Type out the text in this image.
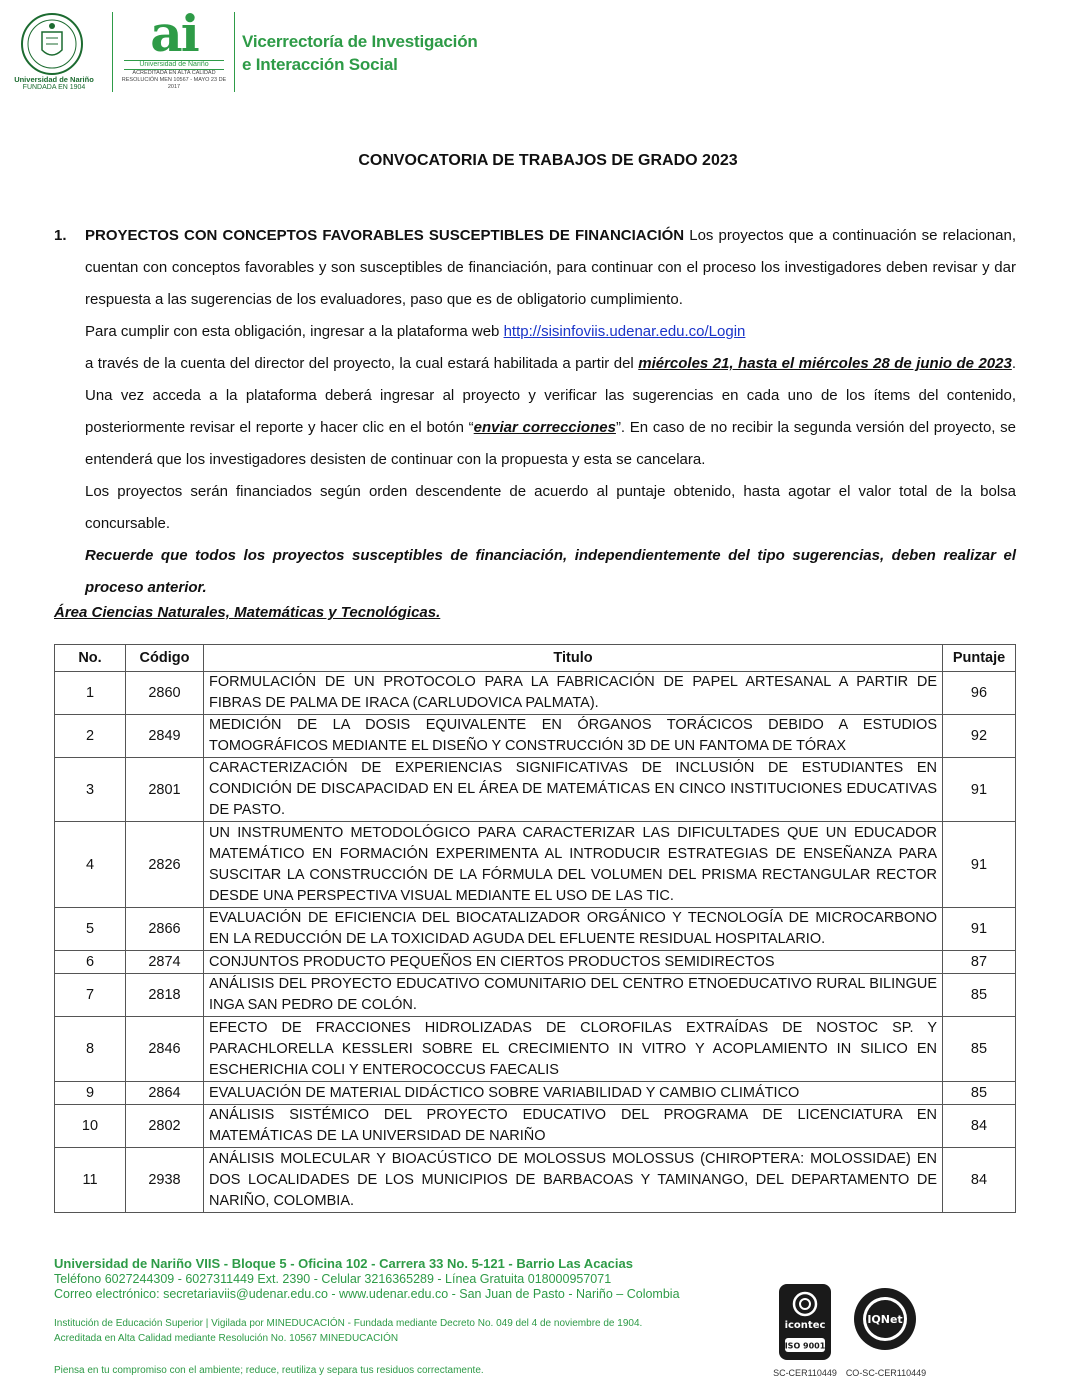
Universidad de Nariño
FUNDADA EN 1904
ai
Universidad de Nariño
ACREDITADA EN ALTA CALIDAD
RESOLUCIÓN MEN 10567 - MAYO 23 DE 2017
Vicerrectoría de Investigación
e Interacción Social
CONVOCATORIA DE TRABAJOS DE GRADO 2023
1. PROYECTOS CON CONCEPTOS FAVORABLES SUSCEPTIBLES DE FINANCIACIÓN Los proyectos que a continuación se relacionan, cuentan con conceptos favorables y son susceptibles de financiación, para continuar con el proceso los investigadores deben revisar y dar respuesta a las sugerencias de los evaluadores, paso que es de obligatorio cumplimiento.
Para cumplir con esta obligación, ingresar a la plataforma web http://sisinfoviis.udenar.edu.co/Login
a través de la cuenta del director del proyecto, la cual estará habilitada a partir del miércoles 21, hasta el miércoles 28 de junio de 2023. Una vez acceda a la plataforma deberá ingresar al proyecto y verificar las sugerencias en cada uno de los ítems del contenido, posteriormente revisar el reporte y hacer clic en el botón “enviar correcciones”. En caso de no recibir la segunda versión del proyecto, se entenderá que los investigadores desisten de continuar con la propuesta y esta se cancelara.
Los proyectos serán financiados según orden descendente de acuerdo al puntaje obtenido, hasta agotar el valor total de la bolsa concursable.
Recuerde que todos los proyectos susceptibles de financiación, independientemente del tipo sugerencias, deben realizar el proceso anterior.
Área Ciencias Naturales, Matemáticas y Tecnológicas.
No.	Código	Titulo	Puntaje
1	2860	FORMULACIÓN DE UN PROTOCOLO PARA LA FABRICACIÓN DE PAPEL ARTESANAL A PARTIR DE FIBRAS DE PALMA DE IRACA (CARLUDOVICA PALMATA).	96
2	2849	MEDICIÓN DE LA DOSIS EQUIVALENTE EN ÓRGANOS TORÁCICOS DEBIDO A ESTUDIOS TOMOGRÁFICOS MEDIANTE EL DISEÑO Y CONSTRUCCIÓN 3D DE UN FANTOMA DE TÓRAX	92
3	2801	CARACTERIZACIÓN DE EXPERIENCIAS SIGNIFICATIVAS DE INCLUSIÓN DE ESTUDIANTES EN CONDICIÓN DE DISCAPACIDAD EN EL ÁREA DE MATEMÁTICAS EN CINCO INSTITUCIONES EDUCATIVAS DE PASTO.	91
4	2826	UN INSTRUMENTO METODOLÓGICO PARA CARACTERIZAR LAS DIFICULTADES QUE UN EDUCADOR MATEMÁTICO EN FORMACIÓN EXPERIMENTA AL INTRODUCIR ESTRATEGIAS DE ENSEÑANZA PARA SUSCITAR LA CONSTRUCCIÓN DE LA FÓRMULA DEL VOLUMEN DEL PRISMA RECTANGULAR RECTOR DESDE UNA PERSPECTIVA VISUAL MEDIANTE EL USO DE LAS TIC.	91
5	2866	EVALUACIÓN DE EFICIENCIA DEL BIOCATALIZADOR ORGÁNICO Y TECNOLOGÍA DE MICROCARBONO EN LA REDUCCIÓN DE LA TOXICIDAD AGUDA DEL EFLUENTE RESIDUAL HOSPITALARIO.	91
6	2874	CONJUNTOS PRODUCTO PEQUEÑOS EN CIERTOS PRODUCTOS SEMIDIRECTOS	87
7	2818	ANÁLISIS DEL PROYECTO EDUCATIVO COMUNITARIO DEL CENTRO ETNOEDUCATIVO RURAL BILINGUE INGA SAN PEDRO DE COLÓN.	85
8	2846	EFECTO DE FRACCIONES HIDROLIZADAS DE CLOROFILAS EXTRAÍDAS DE NOSTOC SP. Y PARACHLORELLA KESSLERI SOBRE EL CRECIMIENTO IN VITRO Y ACOPLAMIENTO IN SILICO EN ESCHERICHIA COLI Y ENTEROCOCCUS FAECALIS	85
9	2864	EVALUACIÓN DE MATERIAL DIDÁCTICO SOBRE VARIABILIDAD Y CAMBIO CLIMÁTICO	85
10	2802	ANÁLISIS SISTÉMICO DEL PROYECTO EDUCATIVO DEL PROGRAMA DE LICENCIATURA EN MATEMÁTICAS DE LA UNIVERSIDAD DE NARIÑO	84
11	2938	ANÁLISIS MOLECULAR Y BIOACÚSTICO DE MOLOSSUS MOLOSSUS (CHIROPTERA: MOLOSSIDAE) EN DOS LOCALIDADES DE LOS MUNICIPIOS DE BARBACOAS Y TAMINANGO, DEL DEPARTAMENTO DE NARIÑO, COLOMBIA.	84
Universidad de Nariño VIIS - Bloque 5 - Oficina 102 - Carrera 33 No. 5-121 - Barrio Las Acacias
Teléfono 6027244309 - 6027311449 Ext. 2390 - Celular 3216365289 - Línea Gratuita 018000957071
Correo electrónico: secretariaviis@udenar.edu.co - www.udenar.edu.co - San Juan de Pasto - Nariño – Colombia
Institución de Educación Superior | Vigilada por MINEDUCACIÓN - Fundada mediante Decreto No. 049 del 4 de noviembre de 1904.
Acreditada en Alta Calidad mediante Resolución No. 10567 MINEDUCACIÓN
Piensa en tu compromiso con el ambiente; reduce, reutiliza y separa tus residuos correctamente.
icontec
ISO 9001
IQNet
SC-CER110449 CO-SC-CER110449
